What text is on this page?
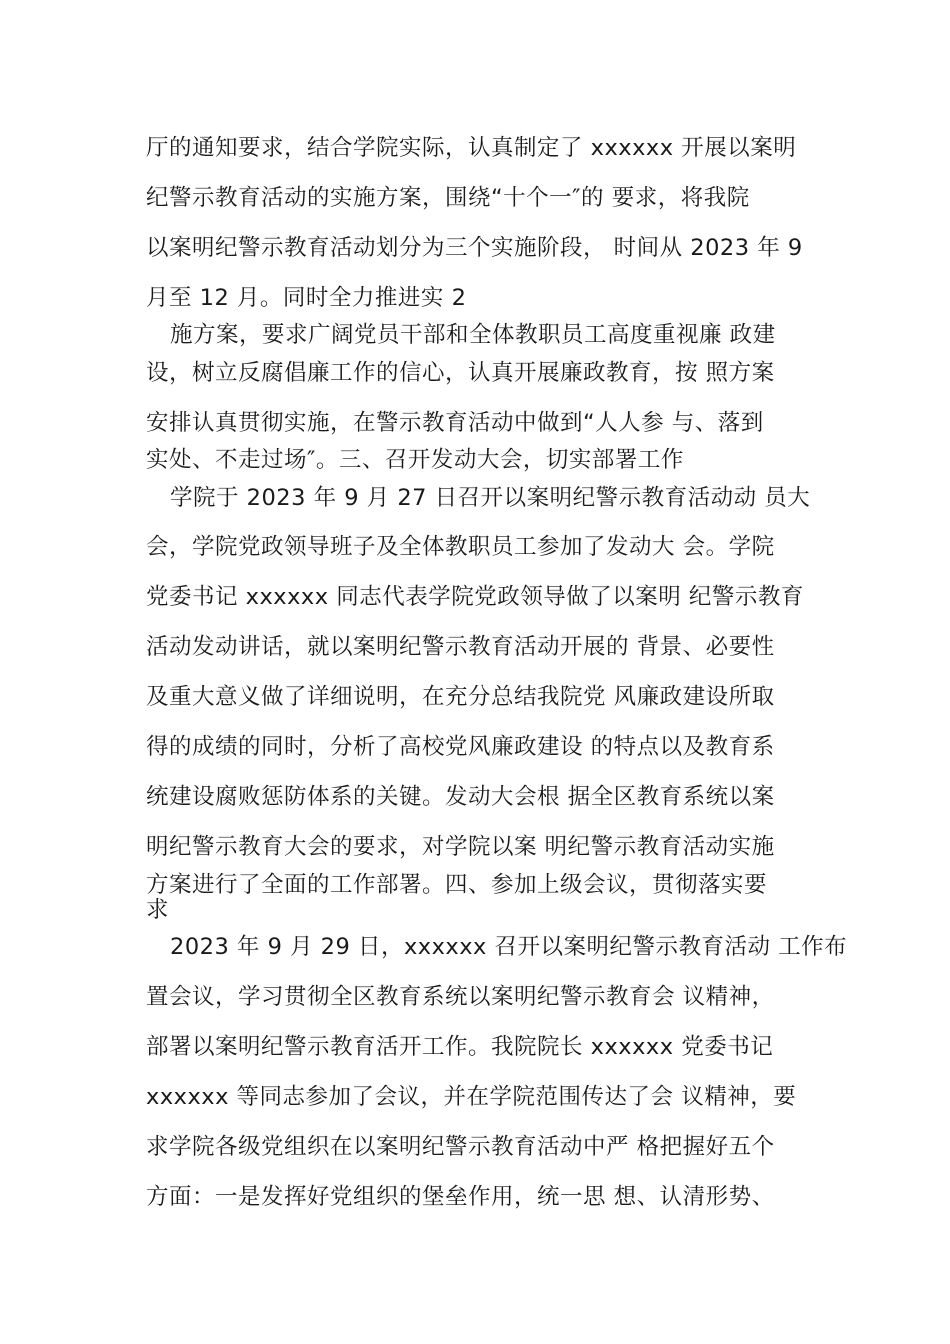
厅的通知要求，结合学院实际，认真制定了 xxxxxx 开展以案明
纪警示教育活动的实施方案，围绕“十个一″的 要求，将我院
以案明纪警示教育活动划分为三个实施阶段， 时间从 2023 年 9
月至 12 月。同时全力推进实 2
施方案，要求广阔党员干部和全体教职员工高度重视廉 政建
设，树立反腐倡廉工作的信心，认真开展廉政教育，按 照方案
安排认真贯彻实施，在警示教育活动中做到“人人参 与、落到
实处、不走过场″。三、召开发动大会，切实部署工作
学院于 2023 年 9 月 27 日召开以案明纪警示教育活动动 员大
会，学院党政领导班子及全体教职员工参加了发动大 会。学院
党委书记 xxxxxx 同志代表学院党政领导做了以案明 纪警示教育
活动发动讲话，就以案明纪警示教育活动开展的 背景、必要性
及重大意义做了详细说明，在充分总结我院党 风廉政建设所取
得的成绩的同时，分析了高校党风廉政建设 的特点以及教育系
统建设腐败惩防体系的关键。发动大会根 据全区教育系统以案
明纪警示教育大会的要求，对学院以案 明纪警示教育活动实施
方案进行了全面的工作部署。四、参加上级会议，贯彻落实要
求
2023 年 9 月 29 日，xxxxxx 召开以案明纪警示教育活动 工作布
置会议，学习贯彻全区教育系统以案明纪警示教育会 议精神，
部署以案明纪警示教育活开工作。我院院长 xxxxxx 党委书记
xxxxxx 等同志参加了会议，并在学院范围传达了会 议精神，要
求学院各级党组织在以案明纪警示教育活动中严 格把握好五个
方面：一是发挥好党组织的堡垒作用，统一思 想、认清形势、
